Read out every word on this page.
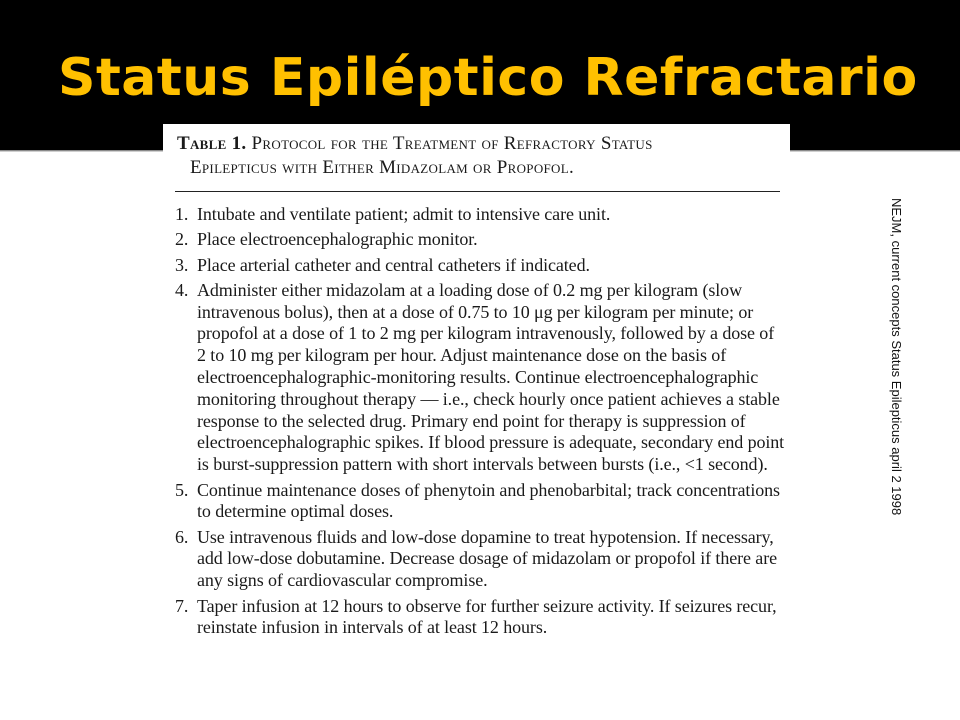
Status Epiléptico Refractario
Table 1. Protocol for the Treatment of Refractory Status
Epilepticus with Either Midazolam or Propofol.
1. Intubate and ventilate patient; admit to intensive care unit.
2. Place electroencephalographic monitor.
3. Place arterial catheter and central catheters if indicated.
4. Administer either midazolam at a loading dose of 0.2 mg per kilogram (slow intravenous bolus), then at a dose of 0.75 to 10 μg per kilogram per minute; or propofol at a dose of 1 to 2 mg per kilogram intravenously, followed by a dose of 2 to 10 mg per kilogram per hour. Adjust maintenance dose on the basis of electroencephalographic-monitoring results. Continue electroencephalographic monitoring throughout therapy — i.e., check hourly once patient achieves a stable response to the selected drug. Primary end point for therapy is suppression of electroencephalographic spikes. If blood pressure is adequate, secondary end point is burst-suppression pattern with short intervals between bursts (i.e., <1 second).
5. Continue maintenance doses of phenytoin and phenobarbital; track concentrations to determine optimal doses.
6. Use intravenous fluids and low-dose dopamine to treat hypotension. If necessary, add low-dose dobutamine. Decrease dosage of midazolam or propofol if there are any signs of cardiovascular compromise.
7. Taper infusion at 12 hours to observe for further seizure activity. If seizures recur, reinstate infusion in intervals of at least 12 hours.
NEJM, current concepts Status Epilepticus april 2 1998
